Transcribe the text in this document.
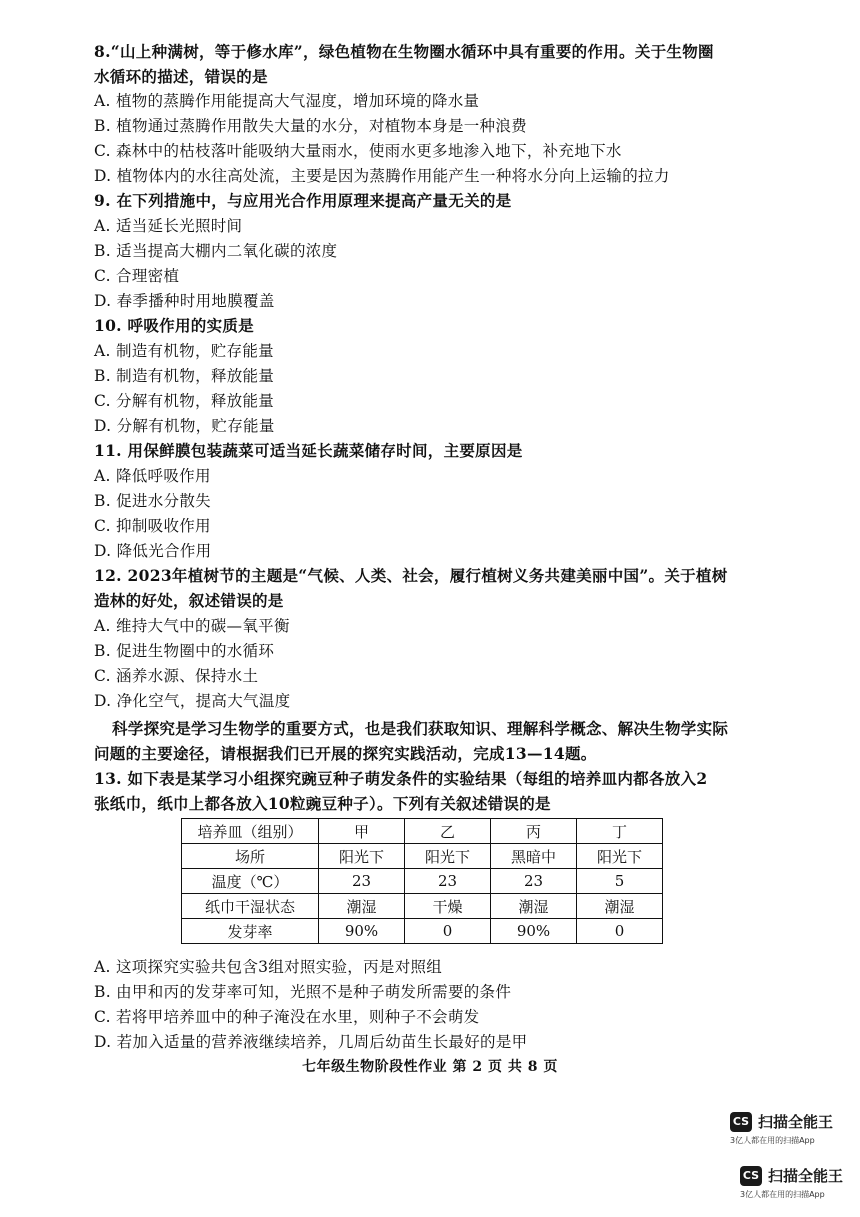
8.“山上种满树，等于修水库”，绿色植物在生物圈水循环中具有重要的作用。关于生物圈
水循环的描述，错误的是
A. 植物的蒸腾作用能提高大气湿度，增加环境的降水量
B. 植物通过蒸腾作用散失大量的水分，对植物本身是一种浪费
C. 森林中的枯枝落叶能吸纳大量雨水，使雨水更多地渗入地下，补充地下水
D. 植物体内的水往高处流，主要是因为蒸腾作用能产生一种将水分向上运输的拉力
9. 在下列措施中，与应用光合作用原理来提高产量无关的是
A. 适当延长光照时间
B. 适当提高大棚内二氧化碳的浓度
C. 合理密植
D. 春季播种时用地膜覆盖
10. 呼吸作用的实质是
A. 制造有机物，贮存能量
B. 制造有机物，释放能量
C. 分解有机物，释放能量
D. 分解有机物，贮存能量
11. 用保鲜膜包装蔬菜可适当延长蔬菜储存时间，主要原因是
A. 降低呼吸作用
B. 促进水分散失
C. 抑制吸收作用
D. 降低光合作用
12. 2023年植树节的主题是“气候、人类、社会，履行植树义务共建美丽中国”。关于植树
造林的好处，叙述错误的是
A. 维持大气中的碳—氧平衡
B. 促进生物圈中的水循环
C. 涵养水源、保持水土
D. 净化空气，提高大气温度
科学探究是学习生物学的重要方式，也是我们获取知识、理解科学概念、解决生物学实际
问题的主要途径，请根据我们已开展的探究实践活动，完成13—14题。
13. 如下表是某学习小组探究豌豆种子萌发条件的实验结果（每组的培养皿内都各放入2
张纸巾，纸巾上都各放入10粒豌豆种子）。下列有关叙述错误的是
A. 这项探究实验共包含3组对照实验，丙是对照组
B. 由甲和丙的发芽率可知，光照不是种子萌发所需要的条件
C. 若将甲培养皿中的种子淹没在水里，则种子不会萌发
D. 若加入适量的营养液继续培养，几周后幼苗生长最好的是甲
培养皿（组别）	甲	乙	丙	丁
场所	阳光下	阳光下	黑暗中	阳光下
温度（℃）	23	23	23	5
纸巾干湿状态	潮湿	干燥	潮湿	潮湿
发芽率	90%	0	90%	0
七年级生物阶段性作业 第 2 页 共 8 页
CS 扫描全能王
3亿人都在用的扫描App
CS 扫描全能王
3亿人都在用的扫描App
